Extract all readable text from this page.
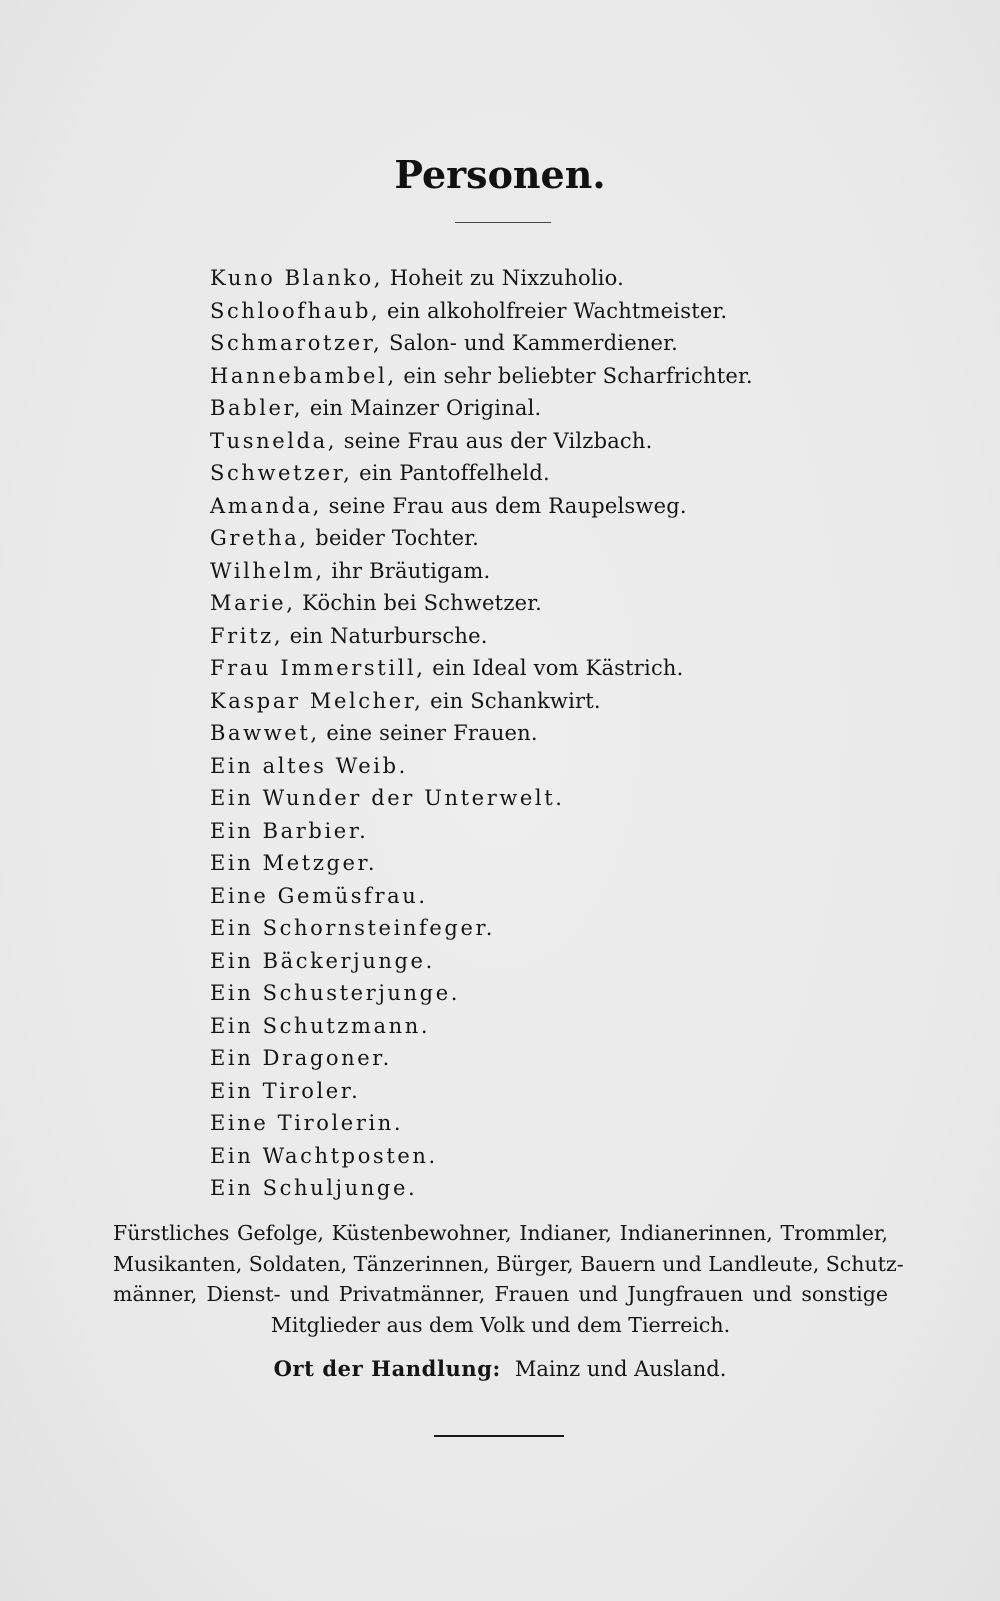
Personen.
Kuno Blanko, Hoheit zu Nixzuholio.
Schloofhaub, ein alkoholfreier Wachtmeister.
Schmarotzer, Salon- und Kammerdiener.
Hannebambel, ein sehr beliebter Scharfrichter.
Babler, ein Mainzer Original.
Tusnelda, seine Frau aus der Vilzbach.
Schwetzer, ein Pantoffelheld.
Amanda, seine Frau aus dem Raupelsweg.
Gretha, beider Tochter.
Wilhelm, ihr Bräutigam.
Marie, Köchin bei Schwetzer.
Fritz, ein Naturbursche.
Frau Immerstill, ein Ideal vom Kästrich.
Kaspar Melcher, ein Schankwirt.
Bawwet, eine seiner Frauen.
Ein altes Weib.
Ein Wunder der Unterwelt.
Ein Barbier.
Ein Metzger.
Eine Gemüsfrau.
Ein Schornsteinfeger.
Ein Bäckerjunge.
Ein Schusterjunge.
Ein Schutzmann.
Ein Dragoner.
Ein Tiroler.
Eine Tirolerin.
Ein Wachtposten.
Ein Schuljunge.
Fürstliches Gefolge, Küstenbewohner, Indianer, Indianerinnen, Trommler,
Musikanten, Soldaten, Tänzerinnen, Bürger, Bauern und Landleute, Schutz-
männer, Dienst- und Privatmänner, Frauen und Jungfrauen und sonstige
Mitglieder aus dem Volk und dem Tierreich.
Ort der Handlung: Mainz und Ausland.
